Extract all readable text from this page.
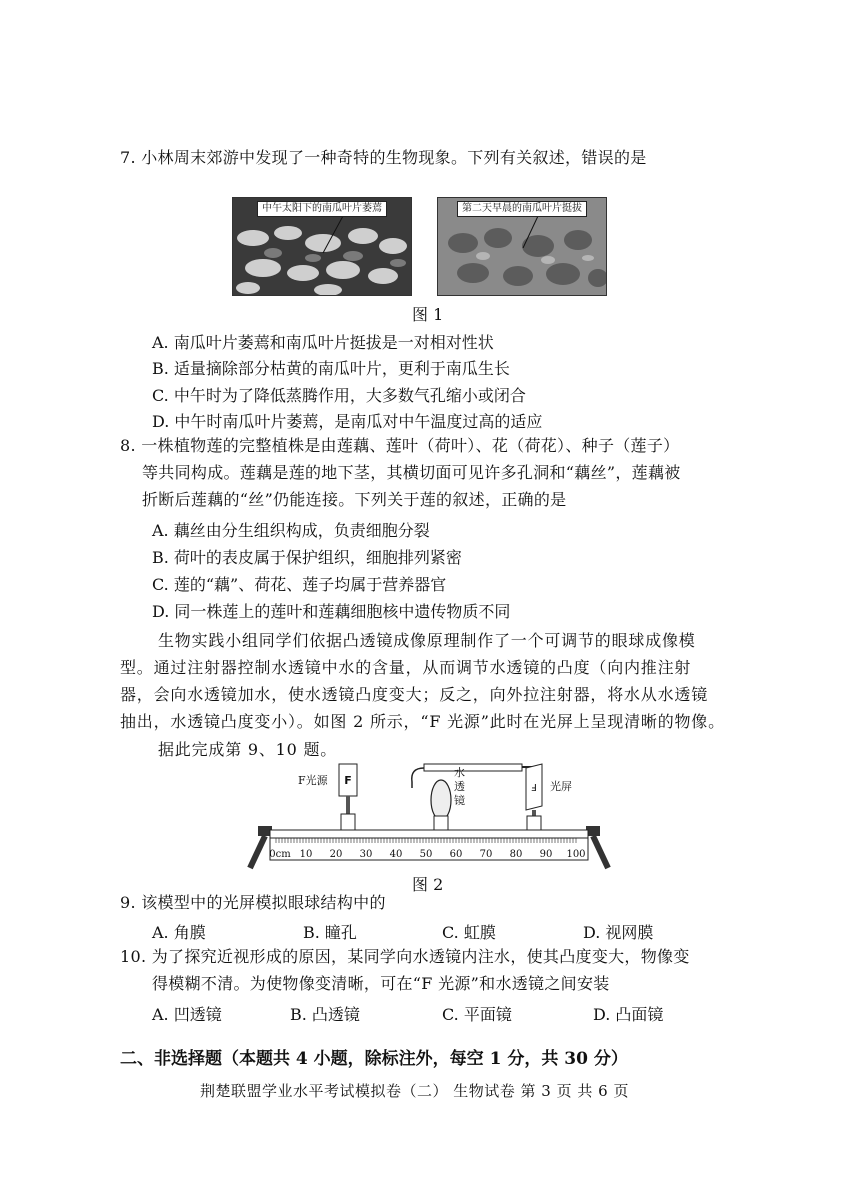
7. 小林周末郊游中发现了一种奇特的生物现象。下列有关叙述，错误的是
中午太阳下的南瓜叶片萎蔫	第二天早晨的南瓜叶片挺拔
图 1
A. 南瓜叶片萎蔫和南瓜叶片挺拔是一对相对性状
B. 适量摘除部分枯黄的南瓜叶片，更利于南瓜生长
C. 中午时为了降低蒸腾作用，大多数气孔缩小或闭合
D. 中午时南瓜叶片萎蔫，是南瓜对中午温度过高的适应
8. 一株植物莲的完整植株是由莲藕、莲叶（荷叶）、花（荷花）、种子（莲子）
等共同构成。莲藕是莲的地下茎，其横切面可见许多孔洞和“藕丝”，莲藕被
折断后莲藕的“丝”仍能连接。下列关于莲的叙述，正确的是
A. 藕丝由分生组织构成，负责细胞分裂
B. 荷叶的表皮属于保护组织，细胞排列紧密
C. 莲的“藕”、荷花、莲子均属于营养器官
D. 同一株莲上的莲叶和莲藕细胞核中遗传物质不同
生物实践小组同学们依据凸透镜成像原理制作了一个可调节的眼球成像模
型。通过注射器控制水透镜中水的含量，从而调节水透镜的凸度（向内推注射
器，会向水透镜加水，使水透镜凸度变大；反之，向外拉注射器，将水从水透镜
抽出，水透镜凸度变小）。如图 2 所示，“F 光源”此时在光屏上呈现清晰的物像。
据此完成第 9、10 题。
0cm 10 20 30 40 50 60 70 80 90 100
F光源 F
水
透
镜
F 光屏
图 2
9. 该模型中的光屏模拟眼球结构中的
A. 角膜	B. 瞳孔	C. 虹膜	D. 视网膜
10. 为了探究近视形成的原因，某同学向水透镜内注水，使其凸度变大，物像变
得模糊不清。为使物像变清晰，可在“F 光源”和水透镜之间安装
A. 凹透镜	B. 凸透镜	C. 平面镜	D. 凸面镜
二、非选择题（本题共 4 小题，除标注外，每空 1 分，共 30 分）
荆楚联盟学业水平考试模拟卷（二） 生物试卷 第 3 页 共 6 页
